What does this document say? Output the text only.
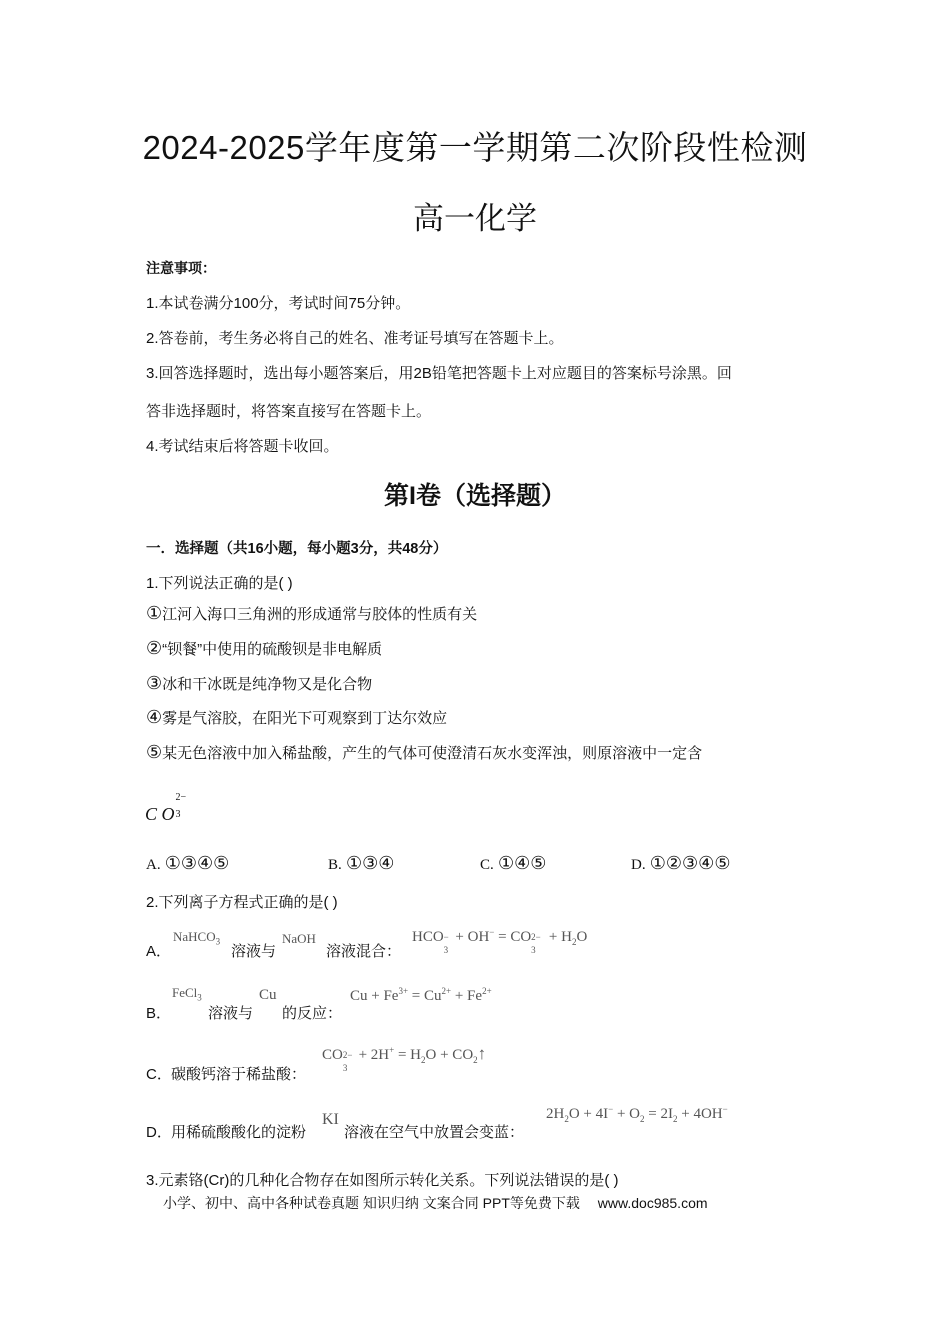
2024-2025学年度第一学期第二次阶段性检测
高一化学
注意事项：
1.本试卷满分100分，考试时间75分钟。
2.答卷前，考生务必将自己的姓名、准考证号填写在答题卡上。
3.回答选择题时，选出每小题答案后，用2B铅笔把答题卡上对应题目的答案标号涂黑。回
答非选择题时，将答案直接写在答题卡上。
4.考试结束后将答题卡收回。
第I卷（选择题）
一．选择题（共16小题，每小题3分，共48分）
1.下列说法正确的是( )
①江河入海口三角洲的形成通常与胶体的性质有关
②“钡餐”中使用的硫酸钡是非电解质
③冰和干冰既是纯净物又是化合物
④雾是气溶胶，在阳光下可观察到丁达尔效应
⑤某无色溶液中加入稀盐酸，产生的气体可使澄清石灰水变浑浊，则原溶液中一定含
C O
2−
3
A. ①③④⑤	B. ①③④	C. ①④⑤	D. ①②③④⑤
2.下列离子方程式正确的是( )
A．
NaHCO$_3$
溶液与
NaOH
溶液混合：
HCO −
3
+ OH− = CO 2−
3
+ $H_2O$
B．
FeCl$_3$
溶液与
Cu
的反应：
$Cu + Fe^{3+} = Cu^{2+} + Fe^{2+}$
C． 碳酸钙溶于稀盐酸：
CO 2−
3
+ $2H^+ = H_2O$ + $CO_2↑$
D． 用稀硫酸酸化的淀粉
KI
溶液在空气中放置会变蓝：
$2H_2O + 4I^- + O_2 = 2I_2 + 4OH^-$
3.元素铬(Cr)的几种化合物存在如图所示转化关系。下列说法错误的是( )
小学、初中、高中各种试卷真题 知识归纳 文案合同 PPT等免费下载 www.doc985.com
